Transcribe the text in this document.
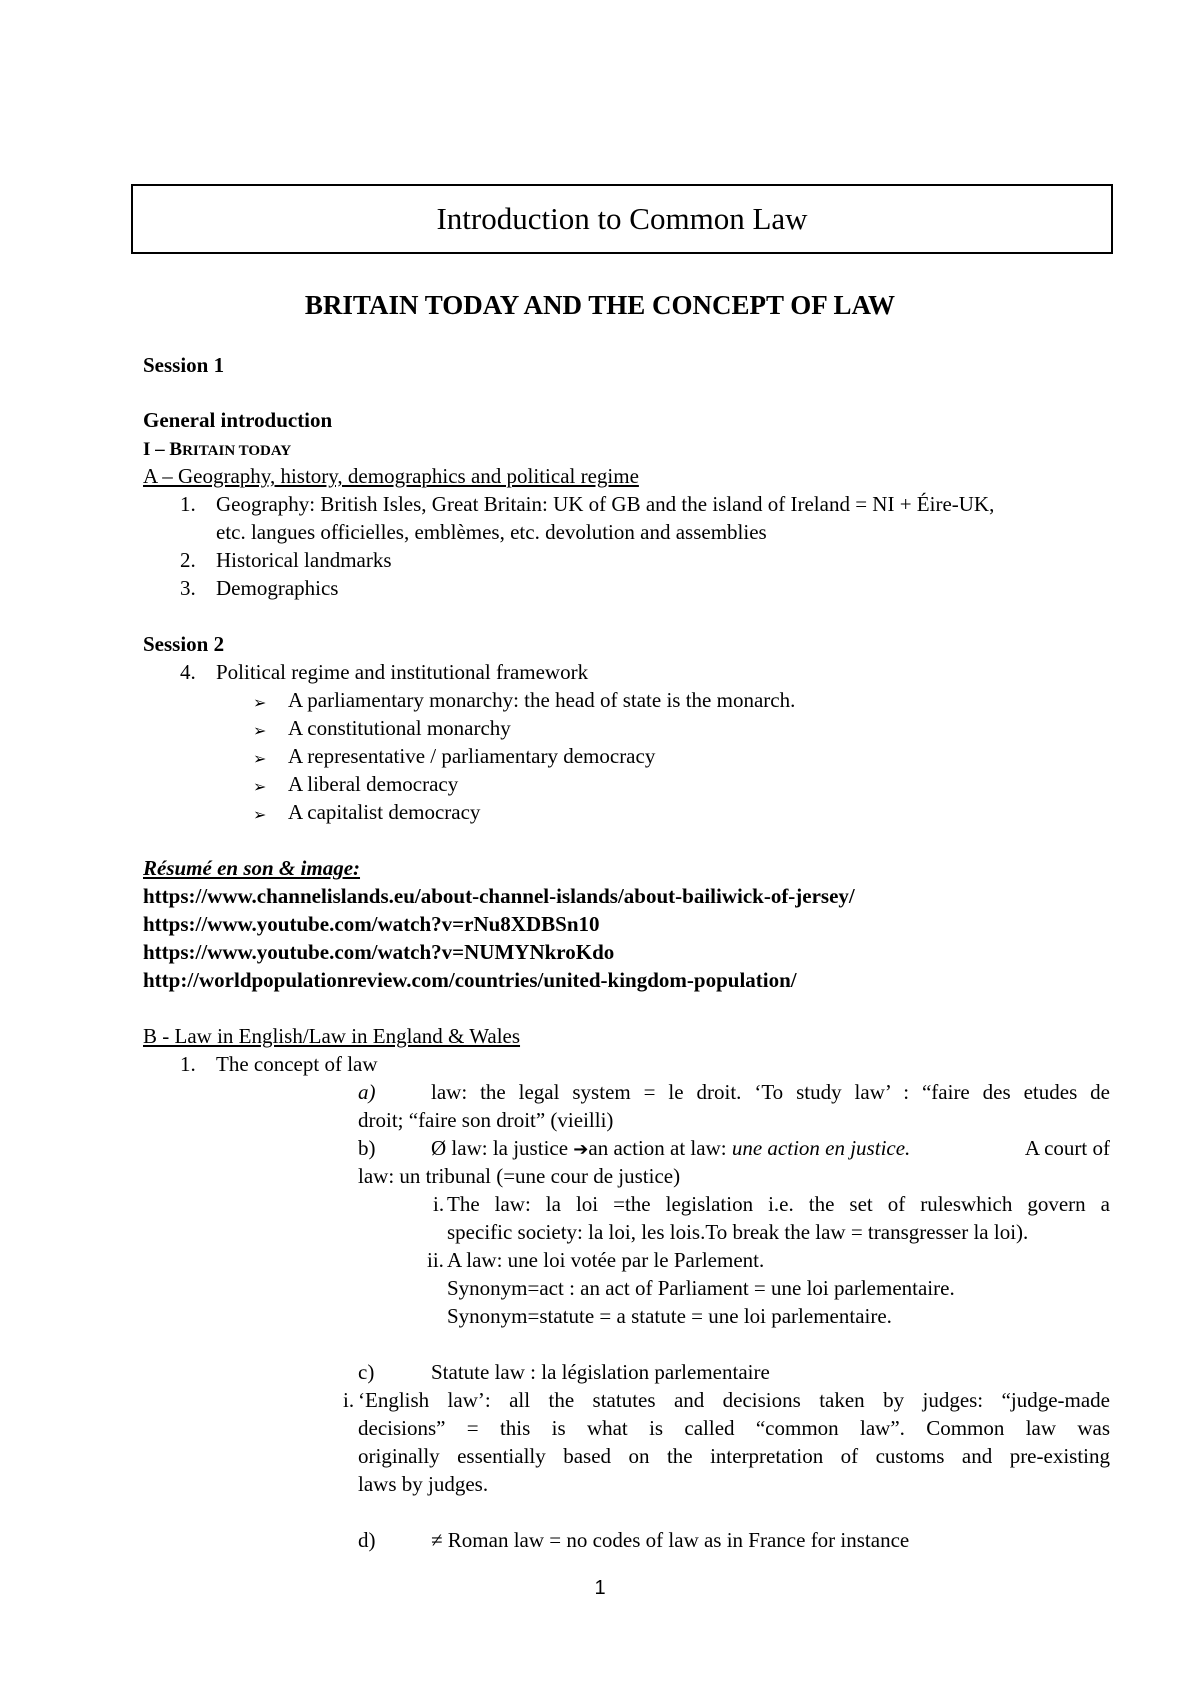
Introduction to Common Law
BRITAIN TODAY AND THE CONCEPT OF LAW
Session 1
General introduction
I – BRITAIN TODAY
A – Geography, history, demographics and political regime
1. Geography: British Isles, Great Britain: UK of GB and the island of Ireland = NI + Éire-UK,
etc. langues officielles, emblèmes, etc. devolution and assemblies
2. Historical landmarks
3. Demographics
Session 2
4. Political regime and institutional framework
➢ A parliamentary monarchy: the head of state is the monarch.
➢ A constitutional monarchy
➢ A representative / parliamentary democracy
➢ A liberal democracy
➢ A capitalist democracy
Résumé en son & image:
https://www.channelislands.eu/about-channel-islands/about-bailiwick-of-jersey/
https://www.youtube.com/watch?v=rNu8XDBSn10
https://www.youtube.com/watch?v=NUMYNkroKdo
http://worldpopulationreview.com/countries/united-kingdom-population/
B - Law in English/Law in England & Wales
1. The concept of law
a)	law: the legal system = le droit. ‘To study law’ : “faire des etudes de
droit; “faire son droit” (vieilli)
b)	Ø law: la justice ➔an action at law: une action en justice.	A court of
law: un tribunal (=une cour de justice)
i. The law: la loi =the legislation i.e. the set of ruleswhich govern a
specific society: la loi, les lois.To break the law = transgresser la loi).
ii. A law: une loi votée par le Parlement.
Synonym=act : an act of Parliament = une loi parlementaire.
Synonym=statute = a statute = une loi parlementaire.
c)	Statute law : la législation parlementaire
i. ‘English law’: all the statutes and decisions taken by judges: “judge-made
decisions” = this is what is called “common law”. Common law was
originally essentially based on the interpretation of customs and pre-existing
laws by judges.
d)	≠ Roman law = no codes of law as in France for instance
1
